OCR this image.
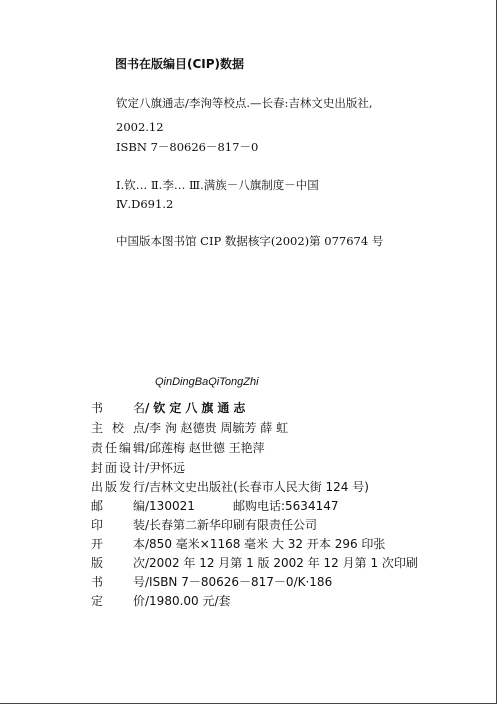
图书在版编目(CIP)数据
钦定八旗通志/李洵等校点.—长春:吉林文史出版社,
2002.12
ISBN 7－80626－817－0
Ⅰ.钦… Ⅱ.李… Ⅲ.满族－八旗制度－中国
Ⅳ.D691.2
中国版本图书馆 CIP 数据核字(2002)第 077674 号
QinDingBaQiTongZhi
书名/钦定八旗通志
主校点/李 洵 赵德贵 周毓芳 薛 虹
责任编辑/邱莲梅 赵世德 王艳萍
封面设计/尹怀远
出版发行/吉林文史出版社(长春市人民大街 124 号)
邮编/130021          邮购电话:5634147
印装/长春第二新华印刷有限责任公司
开本/850 毫米×1168 毫米 大 32 开本 296 印张
版次/2002 年 12 月第 1 版 2002 年 12 月第 1 次印刷
书号/ISBN 7－80626－817－0/K·186
定价/1980.00 元/套
